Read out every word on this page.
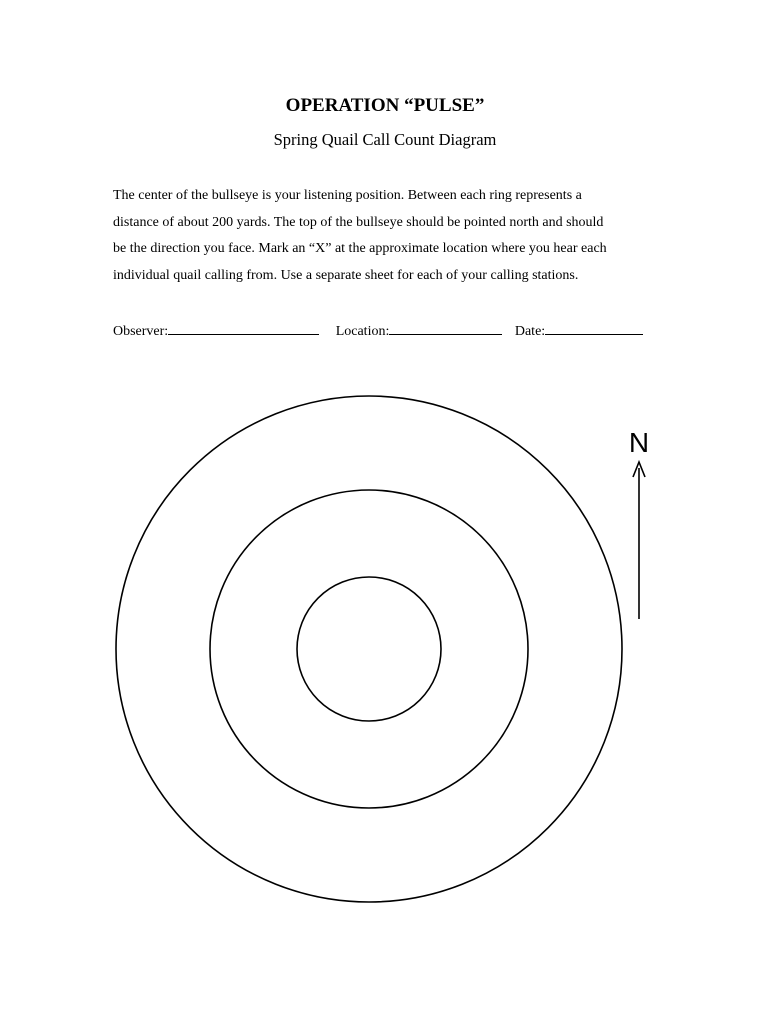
OPERATION “PULSE”
Spring Quail Call Count Diagram
The center of the bullseye is your listening position. Between each ring represents a
distance of about 200 yards. The top of the bullseye should be pointed north and should
be the direction you face. Mark an “X” at the approximate location where you hear each
individual quail calling from. Use a separate sheet for each of your calling stations.
Observer:	Location:	Date:
N
